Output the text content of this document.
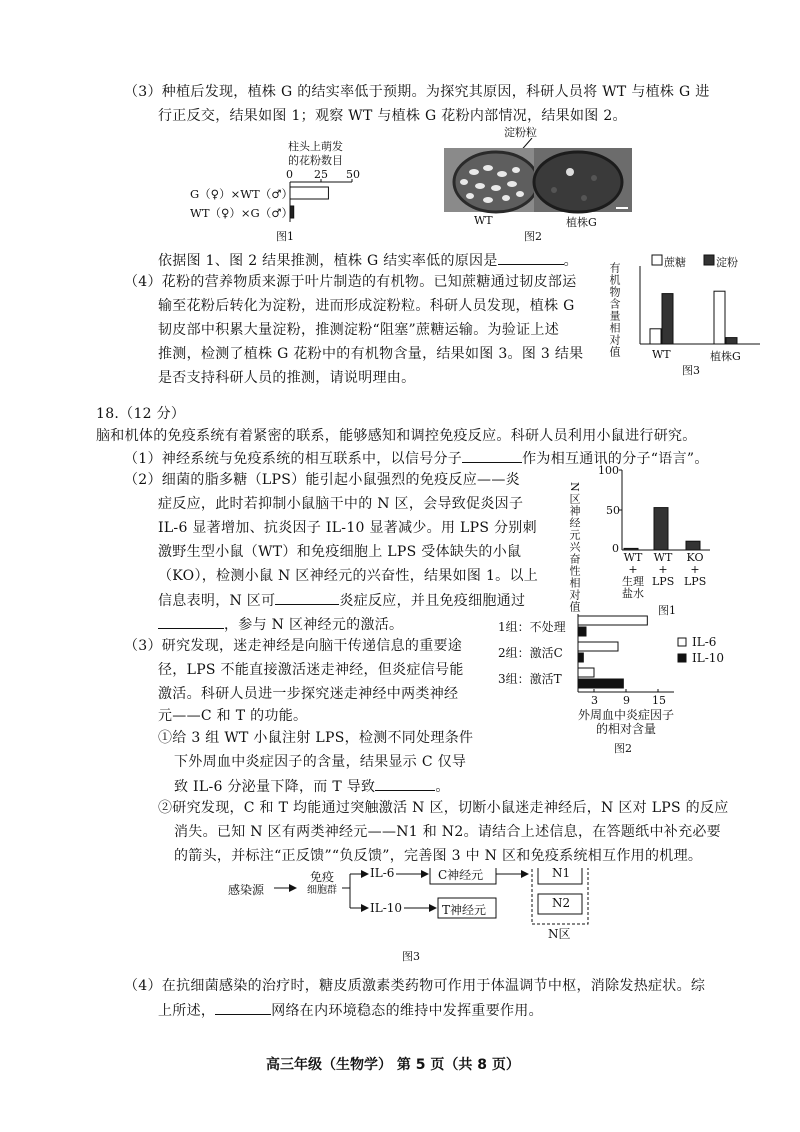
（3）种植后发现，植株 G 的结实率低于预期。为探究其原因，科研人员将 WT 与植株 G 进
行正反交，结果如图 1；观察 WT 与植株 G 花粉内部情况，结果如图 2。
柱头上萌发
的花粉数目
0 25 50
G（♀）×WT（♂）
WT（♀）×G（♂）
图1
淀粉粒
WT	植株G
图2
依据图 1、图 2 结果推测，植株 G 结实率低的原因是	。
（4）花粉的营养物质来源于叶片制造的有机物。已知蔗糖通过韧皮部运
输至花粉后转化为淀粉，进而形成淀粉粒。科研人员发现，植株 G
韧皮部中积累大量淀粉，推测淀粉“阻塞”蔗糖运输。为验证上述
推测，检测了植株 G 花粉中的有机物含量，结果如图 3。图 3 结果
是否支持科研人员的推测，请说明理由。
有机物含量相对值	蔗糖	淀粉
WT	植株G
图3
18.（12 分）
脑和机体的免疫系统有着紧密的联系，能够感知和调控免疫反应。科研人员利用小鼠进行研究。
（1）神经系统与免疫系统的相互联系中，以信号分子	作为相互通讯的分子“语言”。
（2）细菌的脂多糖（LPS）能引起小鼠强烈的免疫反应——炎
症反应，此时若抑制小鼠脑干中的 N 区，会导致促炎因子
IL-6 显著增加、抗炎因子 IL-10 显著减少。用 LPS 分别刺
激野生型小鼠（WT）和免疫细胞上 LPS 受体缺失的小鼠
（KO），检测小鼠 N 区神经元的兴奋性，结果如图 1。以上
信息表明，N 区可	炎症反应，并且免疫细胞通过
，参与 N 区神经元的激活。
N区神经元兴奋性相对值
100
50
0
WT
+
生理
盐水
WT
+
LPS
KO
+
LPS
图1
（3）研究发现，迷走神经是向脑干传递信息的重要途
径，LPS 不能直接激活迷走神经，但炎症信号能
激活。科研人员进一步探究迷走神经中两类神经
元——C 和 T 的功能。
①给 3 组 WT 小鼠注射 LPS，检测不同处理条件
下外周血中炎症因子的含量，结果显示 C 仅导
致 IL-6 分泌量下降，而 T 导致	。
1组：不处理
2组：激活C
3组：激活T
IL-6
IL-10
3 9 15
外周血中炎症因子
的相对含量
图2
②研究发现，C 和 T 均能通过突触激活 N 区，切断小鼠迷走神经后，N 区对 LPS 的反应
消失。已知 N 区有两类神经元——N1 和 N2。请结合上述信息，在答题纸中补充必要
的箭头，并标注“正反馈”“负反馈”，完善图 3 中 N 区和免疫系统相互作用的机理。
感染源
免疫
细胞群
IL-6
IL-10
C神经元
T神经元
N1
N2
N区
图3
（4）在抗细菌感染的治疗时，糖皮质激素类药物可作用于体温调节中枢，消除发热症状。综
上所述，	网络在内环境稳态的维持中发挥重要作用。
高三年级（生物学） 第 5 页（共 8 页）
